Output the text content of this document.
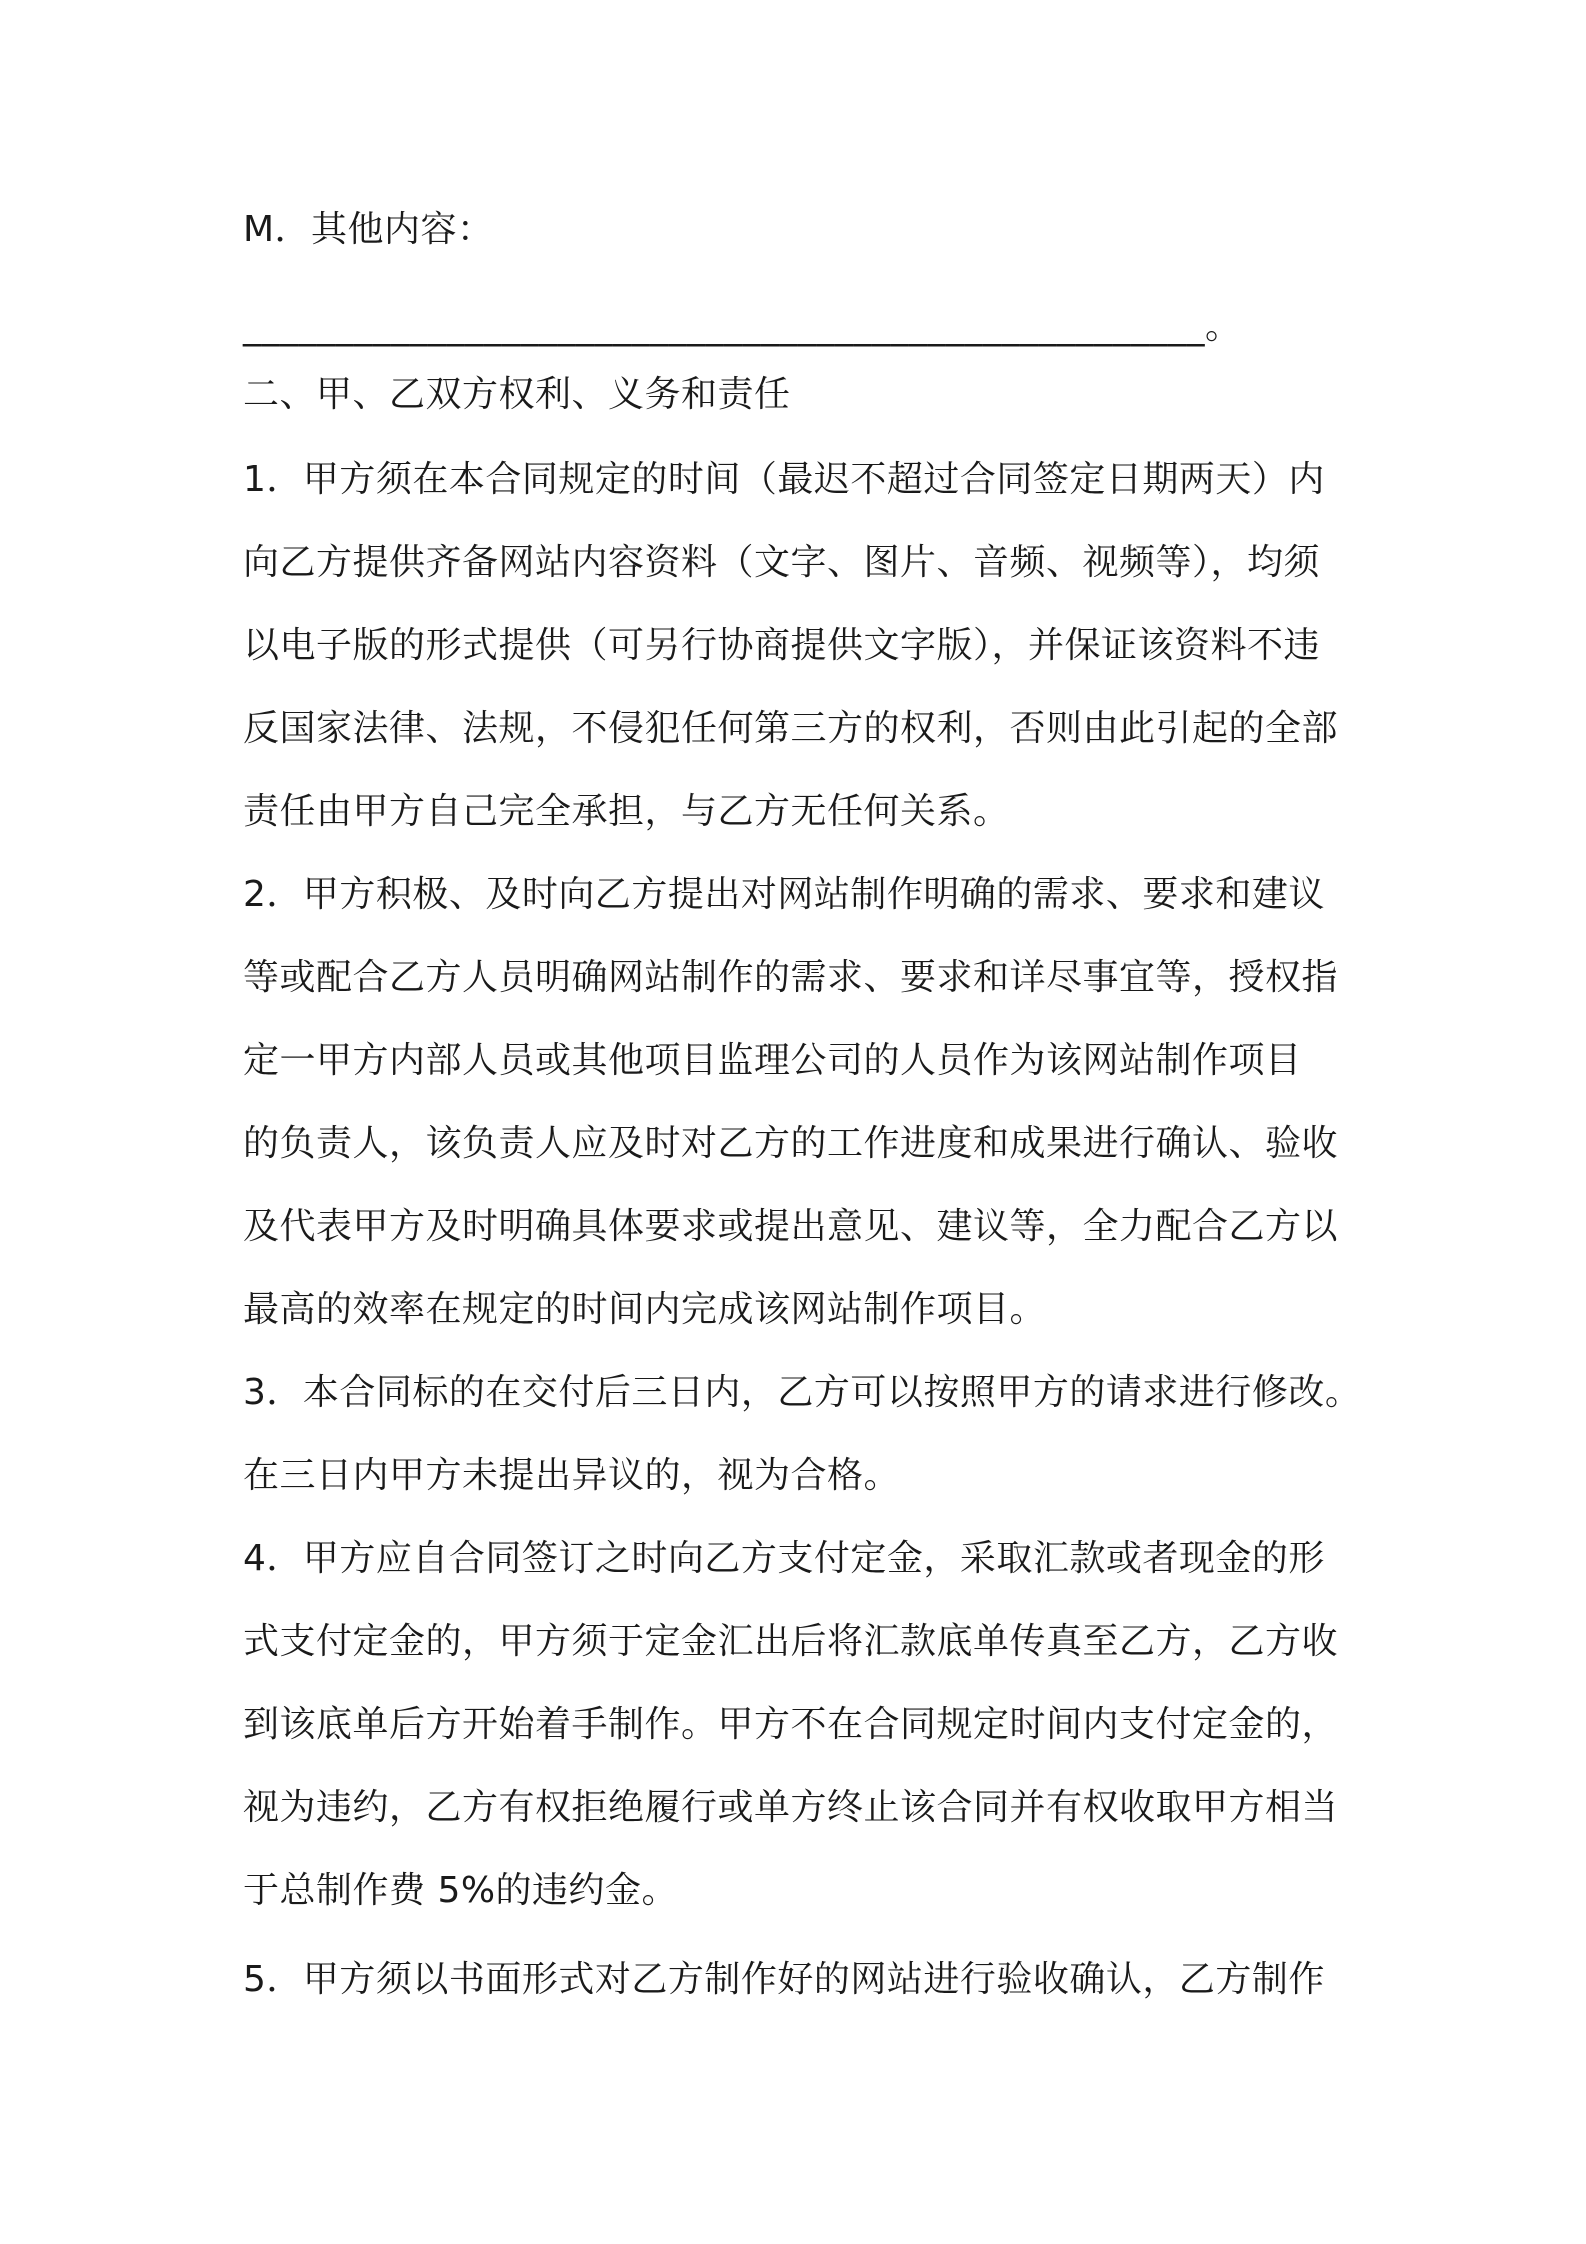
M．其他内容：
____________________________________________________。
二、甲、乙双方权利、义务和责任
1．甲方须在本合同规定的时间（最迟不超过合同签定日期两天）内
向乙方提供齐备网站内容资料（文字、图片、音频、视频等），均须
以电子版的形式提供（可另行协商提供文字版），并保证该资料不违
反国家法律、法规，不侵犯任何第三方的权利，否则由此引起的全部
责任由甲方自己完全承担，与乙方无任何关系。
2．甲方积极、及时向乙方提出对网站制作明确的需求、要求和建议
等或配合乙方人员明确网站制作的需求、要求和详尽事宜等，授权指
定一甲方内部人员或其他项目监理公司的人员作为该网站制作项目
的负责人，该负责人应及时对乙方的工作进度和成果进行确认、验收
及代表甲方及时明确具体要求或提出意见、建议等，全力配合乙方以
最高的效率在规定的时间内完成该网站制作项目。
3．本合同标的在交付后三日内，乙方可以按照甲方的请求进行修改。
在三日内甲方未提出异议的，视为合格。
4．甲方应自合同签订之时向乙方支付定金，采取汇款或者现金的形
式支付定金的，甲方须于定金汇出后将汇款底单传真至乙方，乙方收
到该底单后方开始着手制作。甲方不在合同规定时间内支付定金的，
视为违约，乙方有权拒绝履行或单方终止该合同并有权收取甲方相当
于总制作费 5%的违约金。
5．甲方须以书面形式对乙方制作好的网站进行验收确认，乙方制作
